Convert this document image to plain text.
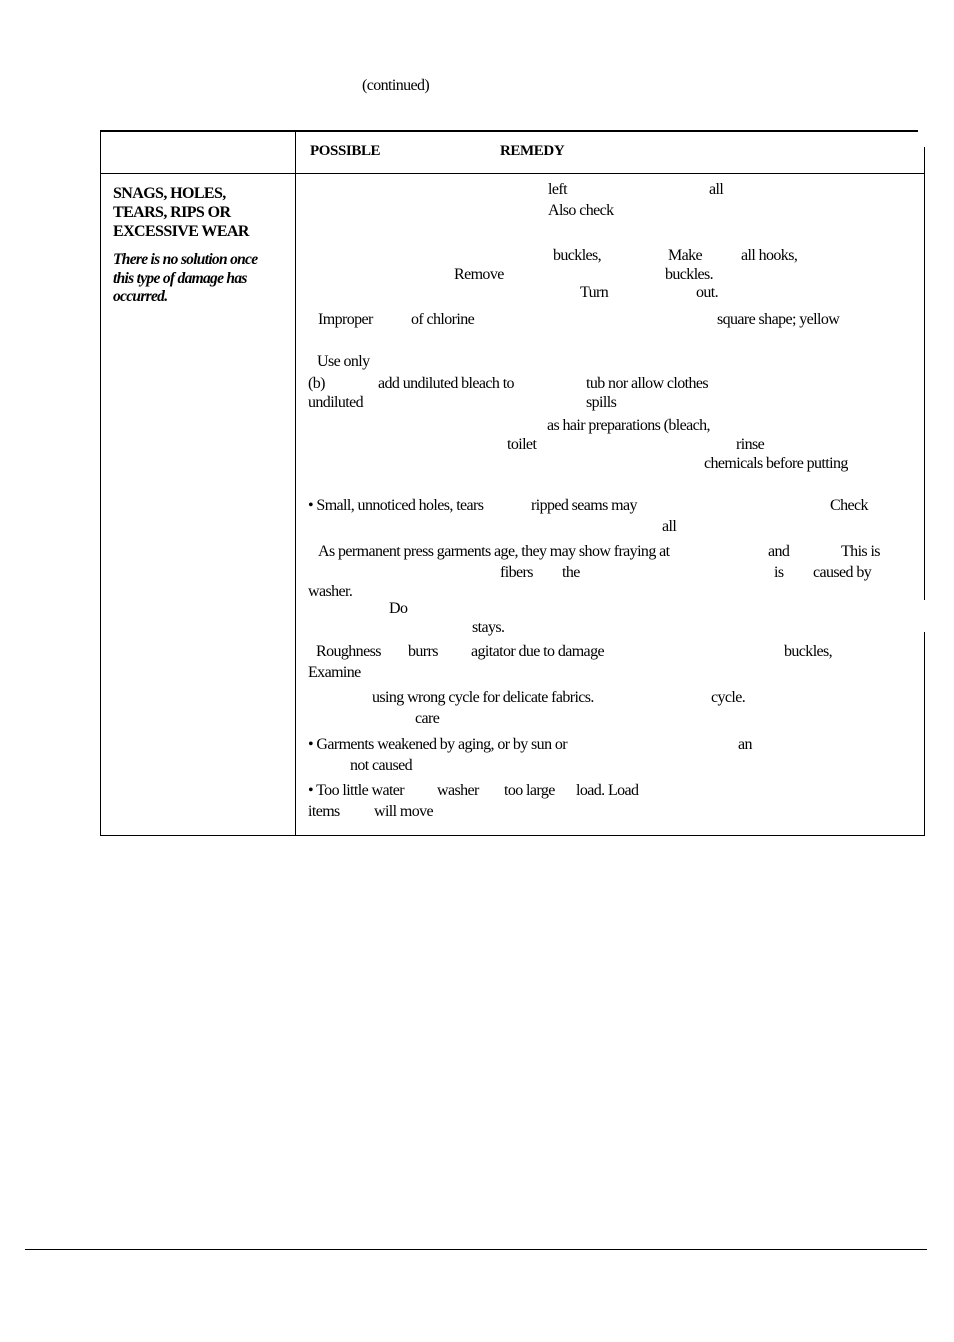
(continued)
POSSIBLE	REMEDY
SNAGS, HOLES,
TEARS, RIPS OR
EXCESSIVE WEAR
There is no solution once
this type of damage has
occurred.
left	all
Also check
buckles,	Make all hooks,
Remove	buckles.
Turn	out.
Improper of chlorine	square shape; yellow
Use only
(b)	add undiluted bleach to	tub nor allow clothes
undiluted	spills
as hair preparations (bleach,
toilet	rinse
chemicals before putting
• Small, unnoticed holes, tears	ripped seams may	Check
all
As permanent press garments age, they may show fraying at	and	This is
fibers the	is caused by
washer.
Do
stays.
Roughness burrs agitator due to damage	buckles,
Examine
using wrong cycle for delicate fabrics.	cycle.
care
• Garments weakened by aging, or by sun or	an
not caused
• Too little water washer too large load. Load
items will move
